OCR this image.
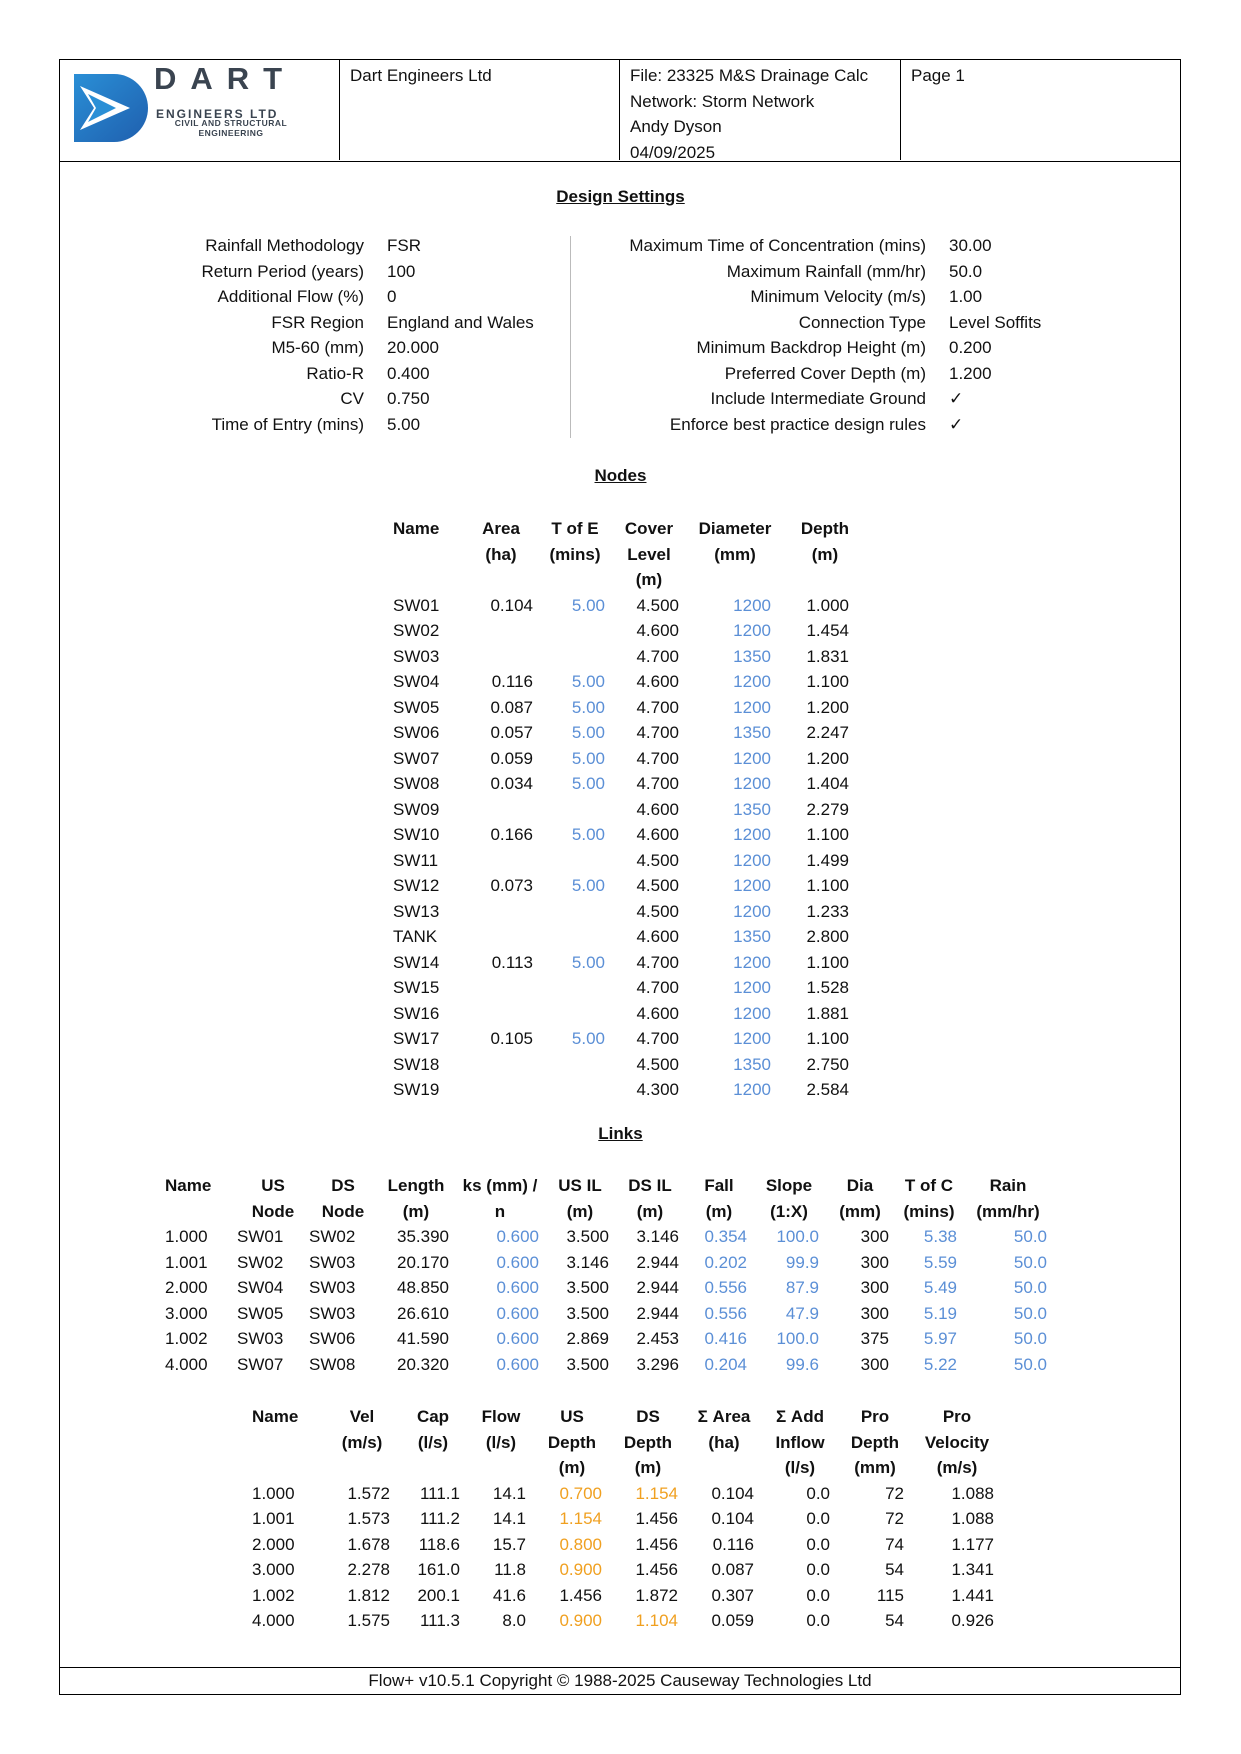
DART
ENGINEERS LTD
CIVIL AND STRUCTURAL ENGINEERING
Dart Engineers Ltd	File: 23325 M&S Drainage Calc
Network: Storm Network
Andy Dyson
04/09/2025
Page 1
Flow+ v10.5.1 Copyright © 1988-2025 Causeway Technologies Ltd
Design Settings
Rainfall Methodology FSR
Return Period (years) 100
Additional Flow (%) 0
FSR Region England and Wales
M5-60 (mm) 20.000
Ratio-R 0.400
CV 0.750
Time of Entry (mins) 5.00
Maximum Time of Concentration (mins) 30.00
Maximum Rainfall (mm/hr) 50.0
Minimum Velocity (m/s) 1.00
Connection Type Level Soffits
Minimum Backdrop Height (m) 0.200
Preferred Cover Depth (m) 1.200
Include Intermediate Ground ✓
Enforce best practice design rules ✓
Nodes
Name	Area (ha)	T of E (mins)	Cover Level (m)	Diameter (mm)	Depth (m)
SW01	0.104	5.00	4.500	1200	1.000
SW02			4.600	1200	1.454
SW03			4.700	1350	1.831
SW04	0.116	5.00	4.600	1200	1.100
SW05	0.087	5.00	4.700	1200	1.200
SW06	0.057	5.00	4.700	1350	2.247
SW07	0.059	5.00	4.700	1200	1.200
SW08	0.034	5.00	4.700	1200	1.404
SW09			4.600	1350	2.279
SW10	0.166	5.00	4.600	1200	1.100
SW11			4.500	1200	1.499
SW12	0.073	5.00	4.500	1200	1.100
SW13			4.500	1200	1.233
TANK			4.600	1350	2.800
SW14	0.113	5.00	4.700	1200	1.100
SW15			4.700	1200	1.528
SW16			4.600	1200	1.881
SW17	0.105	5.00	4.700	1200	1.100
SW18			4.500	1350	2.750
SW19			4.300	1200	2.584
Links
Name	US Node	DS Node	Length (m)	ks (mm) / n	US IL (m)	DS IL (m)	Fall (m)	Slope (1:X)	Dia (mm)	T of C (mins)	Rain (mm/hr)
1.000	SW01	SW02	35.390	0.600	3.500	3.146	0.354	100.0	300	5.38	50.0
1.001	SW02	SW03	20.170	0.600	3.146	2.944	0.202	99.9	300	5.59	50.0
2.000	SW04	SW03	48.850	0.600	3.500	2.944	0.556	87.9	300	5.49	50.0
3.000	SW05	SW03	26.610	0.600	3.500	2.944	0.556	47.9	300	5.19	50.0
1.002	SW03	SW06	41.590	0.600	2.869	2.453	0.416	100.0	375	5.97	50.0
4.000	SW07	SW08	20.320	0.600	3.500	3.296	0.204	99.6	300	5.22	50.0
Name	Vel (m/s)	Cap (l/s)	Flow (l/s)	US Depth (m)	DS Depth (m)	Σ Area (ha)	Σ Add Inflow (l/s)	Pro Depth (mm)	Pro Velocity (m/s)
1.000	1.572	111.1	14.1	0.700	1.154	0.104	0.0	72	1.088
1.001	1.573	111.2	14.1	1.154	1.456	0.104	0.0	72	1.088
2.000	1.678	118.6	15.7	0.800	1.456	0.116	0.0	74	1.177
3.000	2.278	161.0	11.8	0.900	1.456	0.087	0.0	54	1.341
1.002	1.812	200.1	41.6	1.456	1.872	0.307	0.0	115	1.441
4.000	1.575	111.3	8.0	0.900	1.104	0.059	0.0	54	0.926
